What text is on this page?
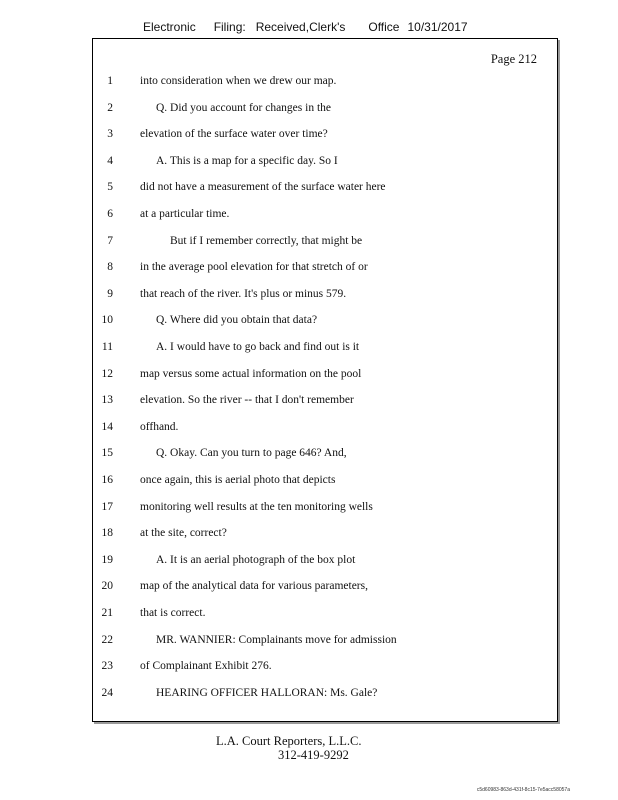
Electronic Filing: Received,Clerk's Office 10/31/2017
Page 212
1 into consideration when we drew our map.
2	Q. Did you account for changes in the
3 elevation of the surface water over time?
4	A. This is a map for a specific day. So I
5 did not have a measurement of the surface water here
6 at a particular time.
7	But if I remember correctly, that might be
8 in the average pool elevation for that stretch of or
9 that reach of the river. It's plus or minus 579.
10	Q. Where did you obtain that data?
11	A. I would have to go back and find out is it
12 map versus some actual information on the pool
13 elevation. So the river -- that I don't remember
14 offhand.
15	Q. Okay. Can you turn to page 646? And,
16 once again, this is aerial photo that depicts
17 monitoring well results at the ten monitoring wells
18 at the site, correct?
19	A. It is an aerial photograph of the box plot
20 map of the analytical data for various parameters,
21 that is correct.
22	MR. WANNIER: Complainants move for admission
23 of Complainant Exhibit 276.
24	HEARING OFFICER HALLORAN: Ms. Gale?
L.A. Court Reporters, L.L.C.
312-419-9292
c5d60983-863d-431f-8c15-7e5acc58057a
